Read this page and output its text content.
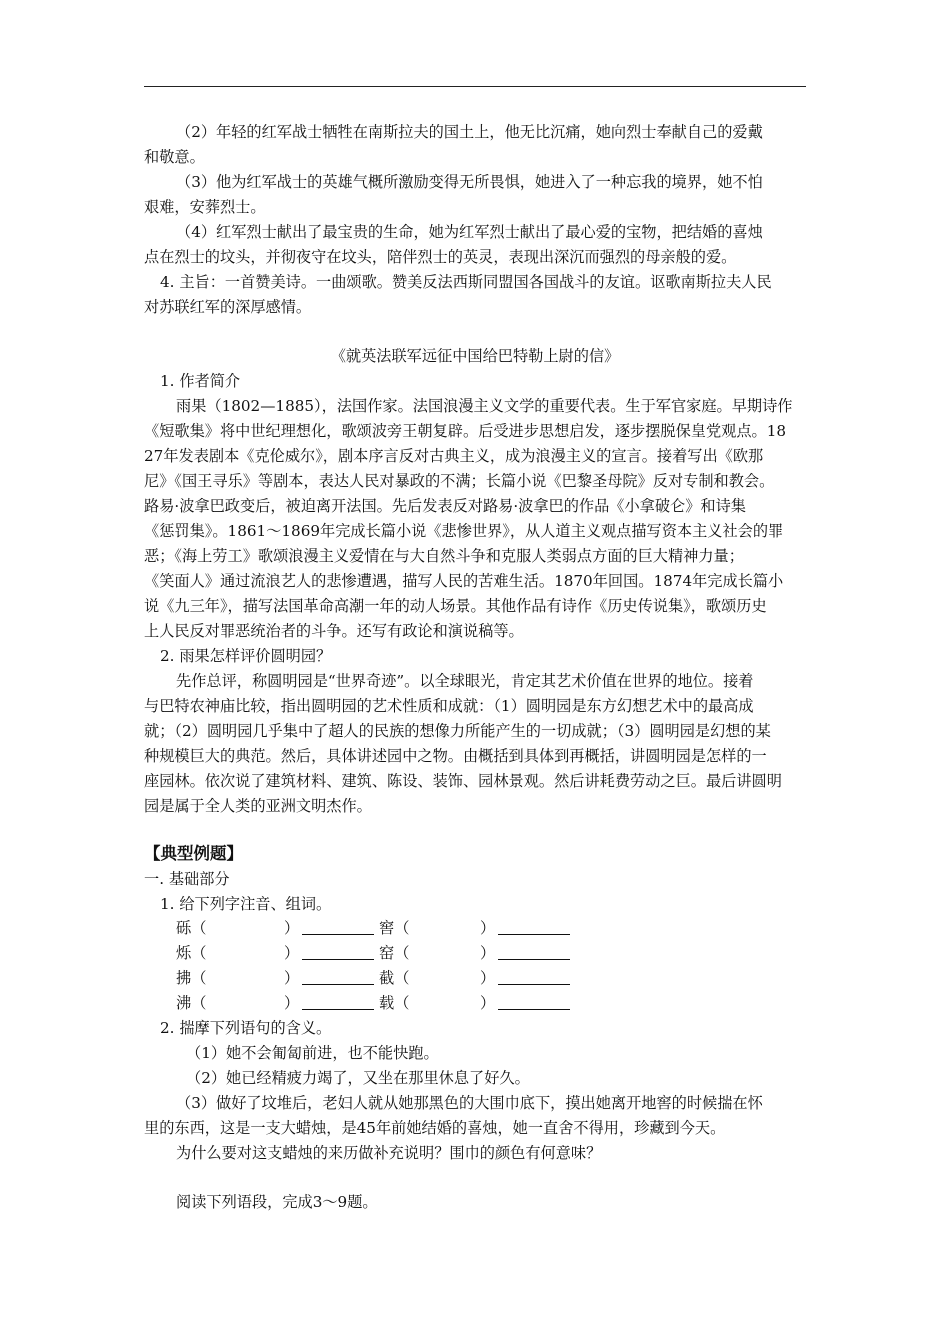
（2）年轻的红军战士牺牲在南斯拉夫的国土上，他无比沉痛，她向烈士奉献自己的爱戴
和敬意。
（3）他为红军战士的英雄气概所激励变得无所畏惧，她进入了一种忘我的境界，她不怕
艰难，安葬烈士。
（4）红军烈士献出了最宝贵的生命，她为红军烈士献出了最心爱的宝物，把结婚的喜烛
点在烈士的坟头，并彻夜守在坟头，陪伴烈士的英灵，表现出深沉而强烈的母亲般的爱。
4. 主旨：一首赞美诗。一曲颂歌。赞美反法西斯同盟国各国战斗的友谊。讴歌南斯拉夫人民
对苏联红军的深厚感情。
《就英法联军远征中国给巴特勒上尉的信》
1. 作者简介
雨果（1802—1885），法国作家。法国浪漫主义文学的重要代表。生于军官家庭。早期诗作
《短歌集》将中世纪理想化，歌颂波旁王朝复辟。后受进步思想启发，逐步摆脱保皇党观点。18
27年发表剧本《克伦威尔》，剧本序言反对古典主义，成为浪漫主义的宣言。接着写出《欧那
尼》《国王寻乐》等剧本，表达人民对暴政的不满；长篇小说《巴黎圣母院》反对专制和教会。
路易·波拿巴政变后，被迫离开法国。先后发表反对路易·波拿巴的作品《小拿破仑》和诗集
《惩罚集》。1861～1869年完成长篇小说《悲惨世界》，从人道主义观点描写资本主义社会的罪
恶；《海上劳工》歌颂浪漫主义爱情在与大自然斗争和克服人类弱点方面的巨大精神力量；
《笑面人》通过流浪艺人的悲惨遭遇，描写人民的苦难生活。1870年回国。1874年完成长篇小
说《九三年》，描写法国革命高潮一年的动人场景。其他作品有诗作《历史传说集》，歌颂历史
上人民反对罪恶统治者的斗争。还写有政论和演说稿等。
2. 雨果怎样评价圆明园？
先作总评，称圆明园是“世界奇迹”。以全球眼光，肯定其艺术价值在世界的地位。接着
与巴特农神庙比较，指出圆明园的艺术性质和成就：（1）圆明园是东方幻想艺术中的最高成
就；（2）圆明园几乎集中了超人的民族的想像力所能产生的一切成就；（3）圆明园是幻想的某
种规模巨大的典范。然后，具体讲述园中之物。由概括到具体到再概括，讲圆明园是怎样的一
座园林。依次说了建筑材料、建筑、陈设、装饰、园林景观。然后讲耗费劳动之巨。最后讲圆明
园是属于全人类的亚洲文明杰作。
【典型例题】
一. 基础部分
1. 给下列字注音、组词。
砾（	）	窖（	）
烁（	）	窑（	）
拂（	）	截（	）
沸（	）	载（	）
2. 揣摩下列语句的含义。
（1）她不会匍匐前进，也不能快跑。
（2）她已经精疲力竭了，又坐在那里休息了好久。
（3）做好了坟堆后，老妇人就从她那黑色的大围巾底下，摸出她离开地窖的时候揣在怀
里的东西，这是一支大蜡烛，是45年前她结婚的喜烛，她一直舍不得用，珍藏到今天。
为什么要对这支蜡烛的来历做补充说明？围巾的颜色有何意味？
阅读下列语段，完成3～9题。
